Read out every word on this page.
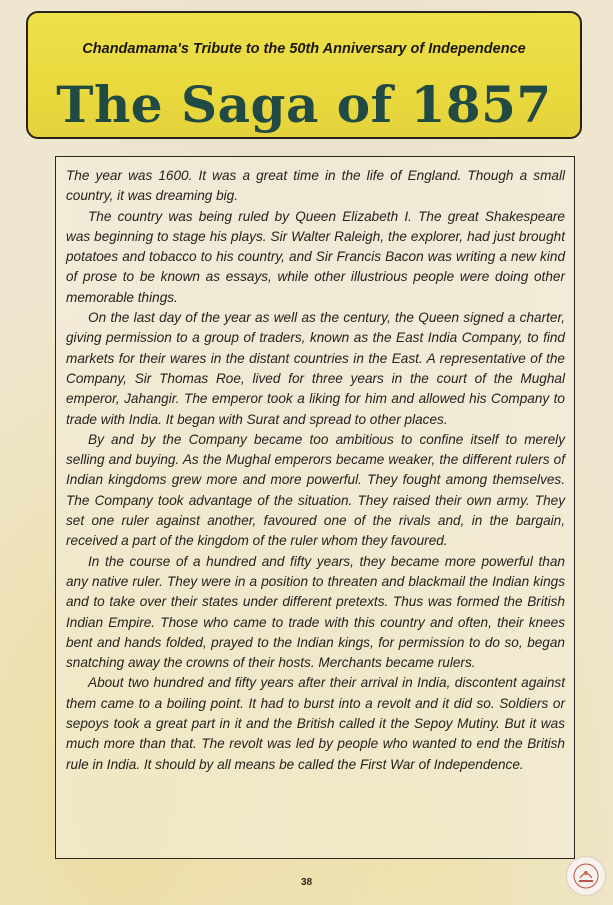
Chandamama's Tribute to the 50th Anniversary of Independence
The Saga of 1857

The year was 1600. It was a great time in the life of England. Though a small country, it was dreaming big.

The country was being ruled by Queen Elizabeth I. The great Shakespeare was beginning to stage his plays. Sir Walter Raleigh, the explorer, had just brought potatoes and tobacco to his country, and Sir Francis Bacon was writing a new kind of prose to be known as essays, while other illustrious people were doing other memorable things.

On the last day of the year as well as the century, the Queen signed a charter, giving permission to a group of traders, known as the East India Company, to find markets for their wares in the distant countries in the East. A representative of the Company, Sir Thomas Roe, lived for three years in the court of the Mughal emperor, Jahangir. The emperor took a liking for him and allowed his Company to trade with India. It began with Surat and spread to other places.

By and by the Company became too ambitious to confine itself to merely selling and buying. As the Mughal emperors became weaker, the different rulers of Indian kingdoms grew more and more powerful. They fought among themselves. The Company took advantage of the situation. They raised their own army. They set one ruler against another, favoured one of the rivals and, in the bargain, received a part of the kingdom of the ruler whom they favoured.

In the course of a hundred and fifty years, they became more powerful than any native ruler. They were in a position to threaten and blackmail the Indian kings and to take over their states under different pretexts. Thus was formed the British Indian Empire. Those who came to trade with this country and often, their knees bent and hands folded, prayed to the Indian kings, for permission to do so, began snatching away the crowns of their hosts. Merchants became rulers.

About two hundred and fifty years after their arrival in India, discontent against them came to a boiling point. It had to burst into a revolt and it did so. Soldiers or sepoys took a great part in it and the British called it the Sepoy Mutiny. But it was much more than that. The revolt was led by people who wanted to end the British rule in India. It should by all means be called the First War of Independence.

38
